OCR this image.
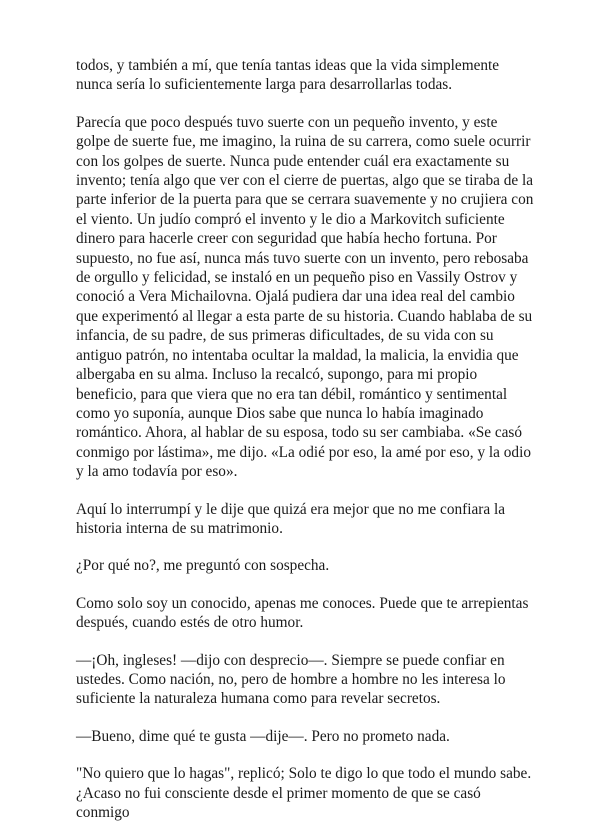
todos, y también a mí, que tenía tantas ideas que la vida simplemente nunca sería lo suficientemente larga para desarrollarlas todas.

Parecía que poco después tuvo suerte con un pequeño invento, y este golpe de suerte fue, me imagino, la ruina de su carrera, como suele ocurrir con los golpes de suerte. Nunca pude entender cuál era exactamente su invento; tenía algo que ver con el cierre de puertas, algo que se tiraba de la parte inferior de la puerta para que se cerrara suavemente y no crujiera con el viento. Un judío compró el invento y le dio a Markovitch suficiente dinero para hacerle creer con seguridad que había hecho fortuna. Por supuesto, no fue así, nunca más tuvo suerte con un invento, pero rebosaba de orgullo y felicidad, se instaló en un pequeño piso en Vassily Ostrov y conoció a Vera Michailovna. Ojalá pudiera dar una idea real del cambio que experimentó al llegar a esta parte de su historia. Cuando hablaba de su infancia, de su padre, de sus primeras dificultades, de su vida con su antiguo patrón, no intentaba ocultar la maldad, la malicia, la envidia que albergaba en su alma. Incluso la recalcó, supongo, para mi propio beneficio, para que viera que no era tan débil, romántico y sentimental como yo suponía, aunque Dios sabe que nunca lo había imaginado romántico. Ahora, al hablar de su esposa, todo su ser cambiaba. «Se casó conmigo por lástima», me dijo. «La odié por eso, la amé por eso, y la odio y la amo todavía por eso».

Aquí lo interrumpí y le dije que quizá era mejor que no me confiara la historia interna de su matrimonio.

¿Por qué no?, me preguntó con sospecha.

Como solo soy un conocido, apenas me conoces. Puede que te arrepientas después, cuando estés de otro humor.

—¡Oh, ingleses! —dijo con desprecio—. Siempre se puede confiar en ustedes. Como nación, no, pero de hombre a hombre no les interesa lo suficiente la naturaleza humana como para revelar secretos.

—Bueno, dime qué te gusta —dije—. Pero no prometo nada.

"No quiero que lo hagas", replicó; Solo te digo lo que todo el mundo sabe. ¿Acaso no fui consciente desde el primer momento de que se casó conmigo
